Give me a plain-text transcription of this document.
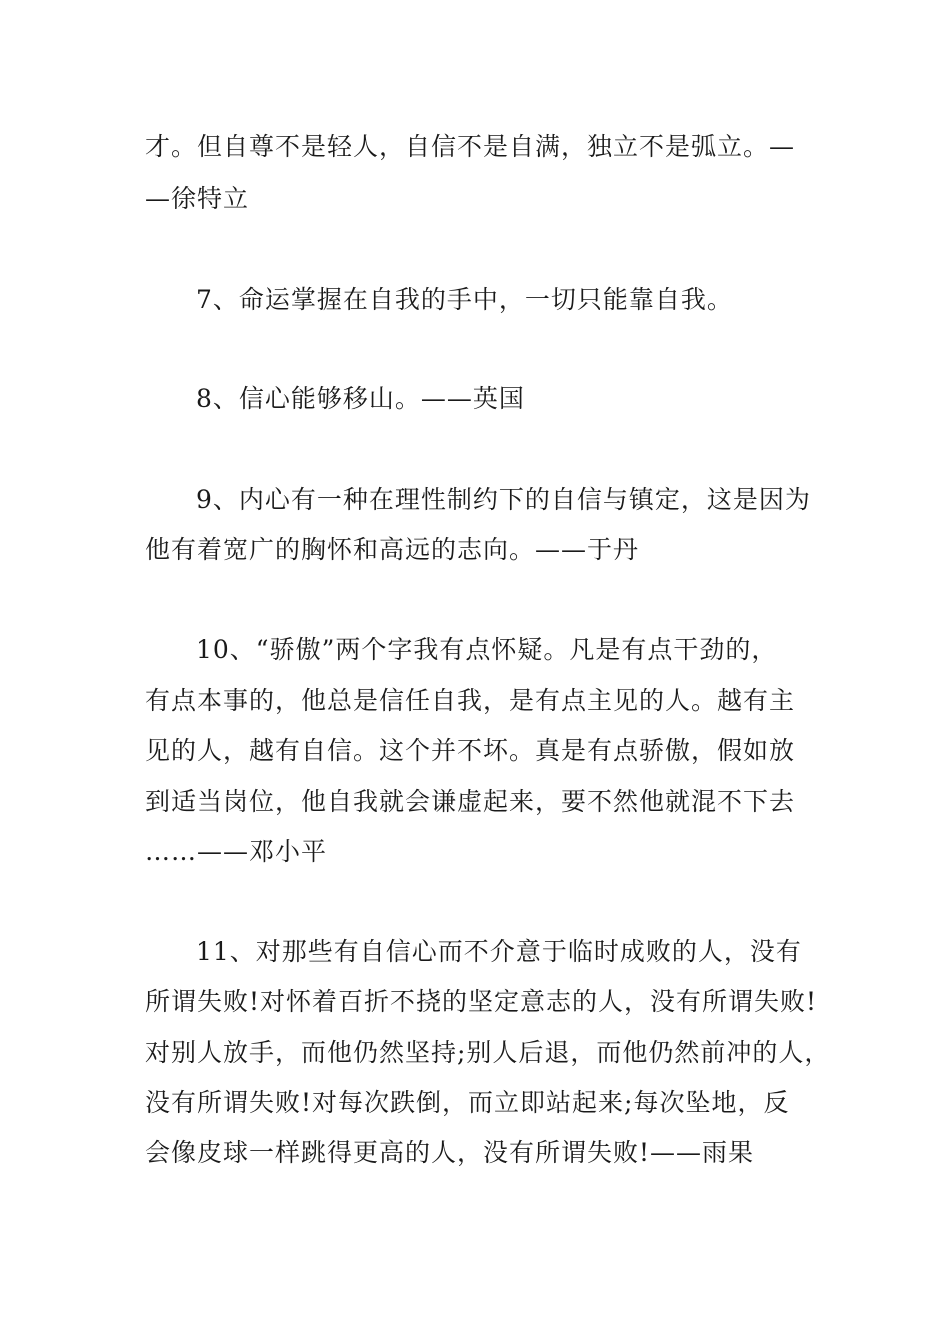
才。但自尊不是轻人，自信不是自满，独立不是弧立。—
—徐特立
7、命运掌握在自我的手中，一切只能靠自我。
8、信心能够移山。——英国
9、内心有一种在理性制约下的自信与镇定，这是因为
他有着宽广的胸怀和高远的志向。——于丹
10、“骄傲”两个字我有点怀疑。凡是有点干劲的，
有点本事的，他总是信任自我，是有点主见的人。越有主
见的人，越有自信。这个并不坏。真是有点骄傲，假如放
到适当岗位，他自我就会谦虚起来，要不然他就混不下去
……——邓小平
11、对那些有自信心而不介意于临时成败的人，没有
所谓失败!对怀着百折不挠的坚定意志的人，没有所谓失败!
对别人放手，而他仍然坚持;别人后退，而他仍然前冲的人，
没有所谓失败!对每次跌倒，而立即站起来;每次坠地，反
会像皮球一样跳得更高的人，没有所谓失败!——雨果
